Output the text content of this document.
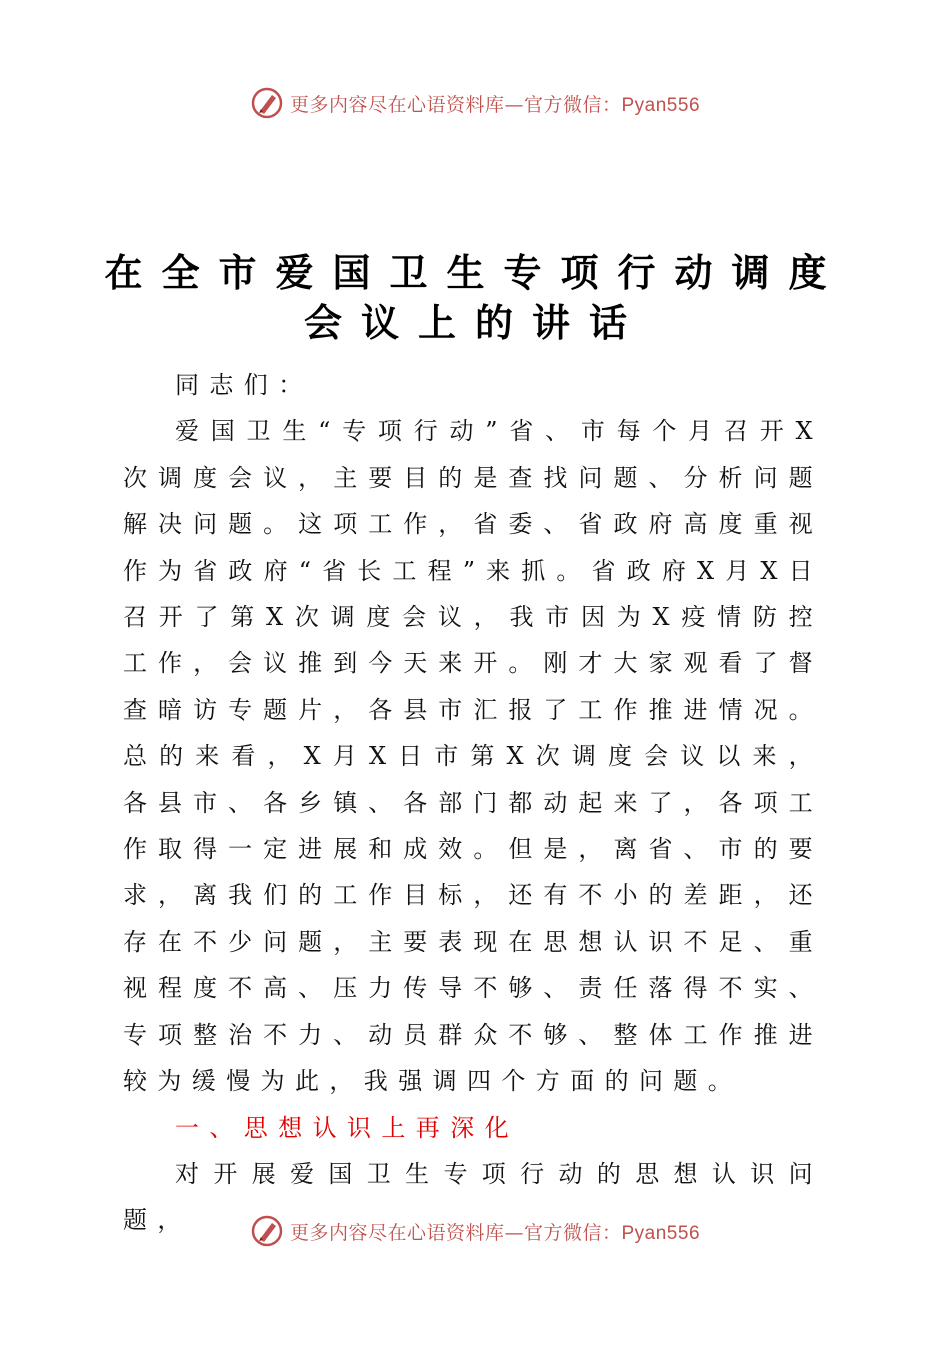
更多内容尽在心语资料库—官方微信：Pyan556
在全市爱国卫生专项行动调度
会议上的讲话

同志们：

爱国卫生“专项行动”省、市每个月召开X次调度会议，主要目的是查找问题、分析问题解决问题。这项工作，省委、省政府高度重视作为省政府“省长工程”来抓。省政府X月X日召开了第X次调度会议，我市因为X疫情防控工作，会议推到今天来开。刚才大家观看了督查暗访专题片，各县市汇报了工作推进情况。总的来看，X月X日市第X次调度会议以来，各县市、各乡镇、各部门都动起来了，各项工作取得一定进展和成效。但是，离省、市的要求，离我们的工作目标，还有不小的差距，还存在不少问题，主要表现在思想认识不足、重视程度不高、压力传导不够、责任落得不实、专项整治不力、动员群众不够、整体工作推进较为缓慢为此，我强调四个方面的问题。

一、思想认识上再深化

对开展爱国卫生专项行动的思想认识问题，	更多内容尽在心语资料库—官方微信：Pyan556
